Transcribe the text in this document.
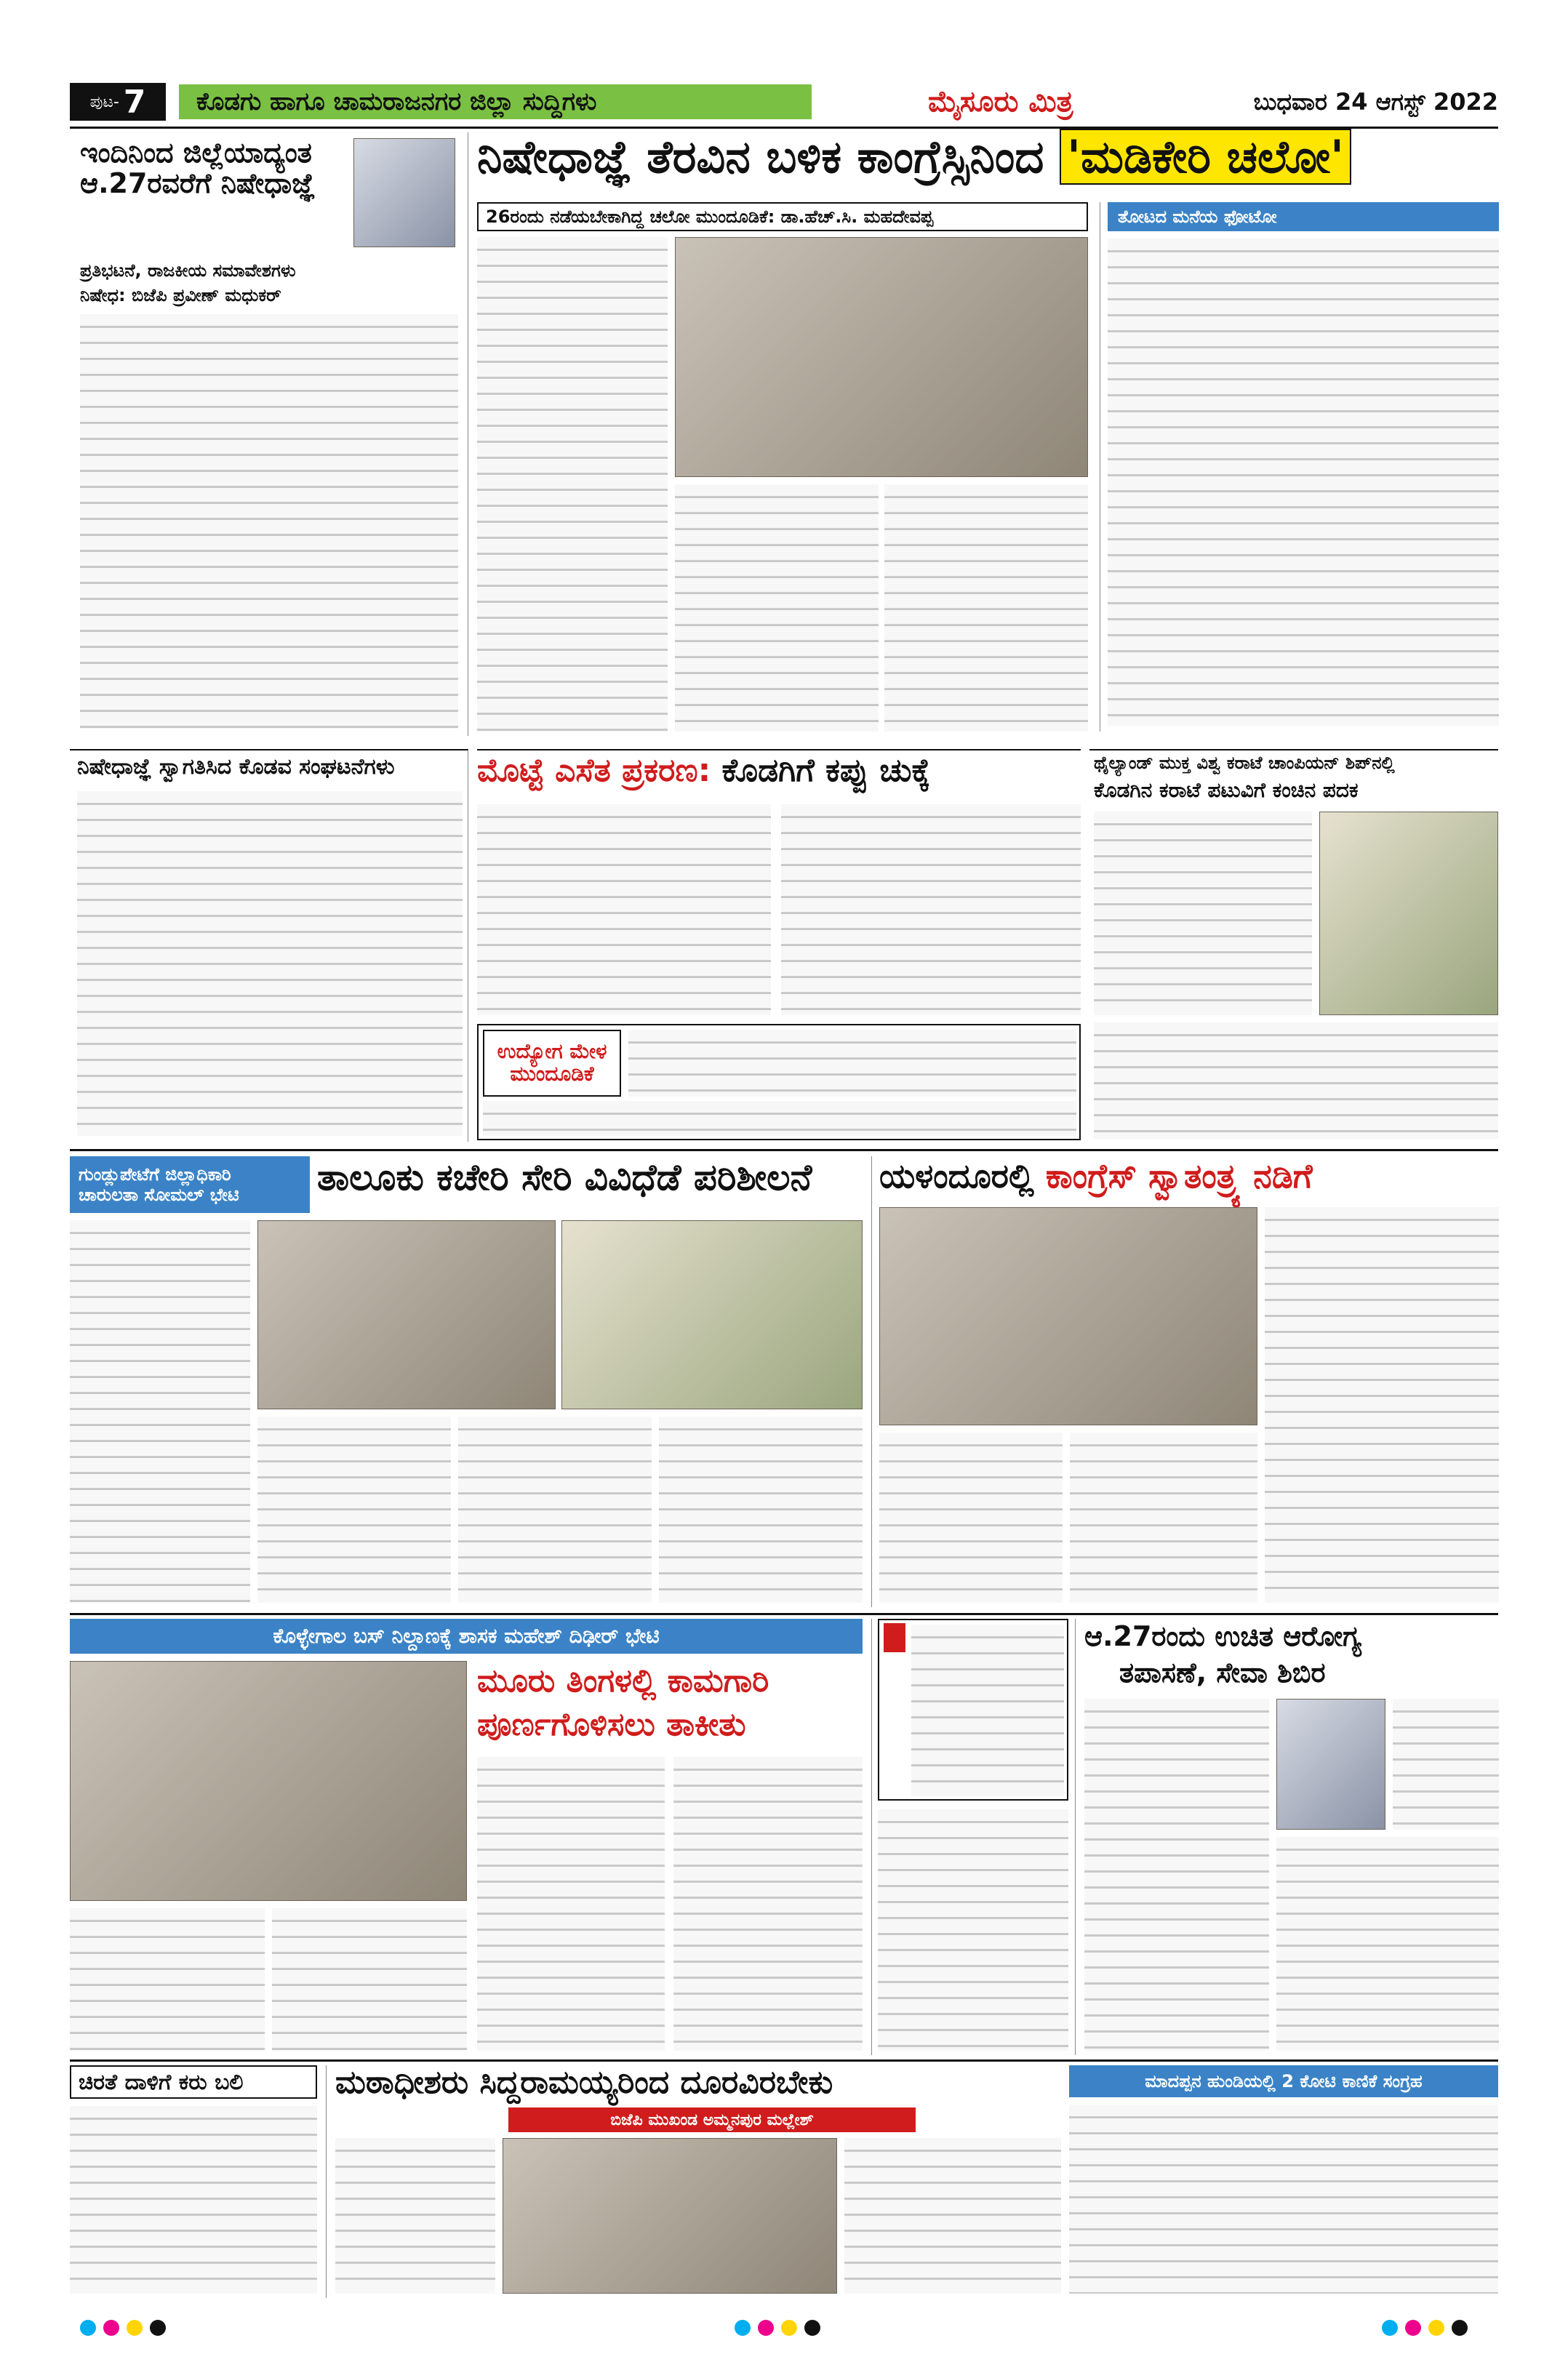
ಪುಟ- 7	ಕೊಡಗು ಹಾಗೂ ಚಾಮರಾಜನಗರ ಜಿಲ್ಲಾ ಸುದ್ದಿಗಳು	ಮೈಸೂರು ಮಿತ್ರ	ಬುಧವಾರ 24 ಆಗಸ್ಟ್ 2022
ಇಂದಿನಿಂದ ಜಿಲ್ಲೆಯಾದ್ಯಂತ ಆ.27ರವರೆಗೆ ನಿಷೇಧಾಜ್ಞೆ
ಪ್ರತಿಭಟನೆ, ರಾಜಕೀಯ ಸಮಾವೇಶಗಳು
ನಿಷೇಧ: ಬಿಜೆಪಿ ಪ್ರವೀಣ್ ಮಧುಕರ್
ನಿಷೇಧಾಜ್ಞೆ ತೆರವಿನ ಬಳಿಕ ಕಾಂಗ್ರೆಸ್ಸಿನಿಂದ 'ಮಡಿಕೇರಿ ಚಲೋ'
26ರಂದು ನಡೆಯಬೇಕಾಗಿದ್ದ ಚಲೋ ಮುಂದೂಡಿಕೆ: ಡಾ.ಹೆಚ್.ಸಿ. ಮಹದೇವಪ್ಪ	ತೋಟದ ಮನೆಯ ಫೋಟೋ
ನಿಷೇಧಾಜ್ಞೆ ಸ್ವಾಗತಿಸಿದ ಕೊಡವ ಸಂಘಟನೆಗಳು	ಮೊಟ್ಟೆ ಎಸೆತ ಪ್ರಕರಣ: ಕೊಡಗಿಗೆ ಕಪ್ಪು ಚುಕ್ಕೆ
ಉದ್ಯೋಗ ಮೇಳ
ಮುಂದೂಡಿಕೆ
ಥೈಲ್ಯಾಂಡ್ ಮುಕ್ತ ವಿಶ್ವ ಕರಾಟೆ ಚಾಂಪಿಯನ್ ಶಿಪ್‌ನಲ್ಲಿ
ಕೊಡಗಿನ ಕರಾಟೆ ಪಟುವಿಗೆ ಕಂಚಿನ ಪದಕ
ಗುಂಡ್ಲುಪೇಟೆಗೆ ಜಿಲ್ಲಾಧಿಕಾರಿ
ಚಾರುಲತಾ ಸೋಮಲ್ ಭೇಟಿ	ತಾಲೂಕು ಕಚೇರಿ ಸೇರಿ ವಿವಿಧೆಡೆ ಪರಿಶೀಲನೆ	ಯಳಂದೂರಲ್ಲಿ ಕಾಂಗ್ರೆಸ್ ಸ್ವಾತಂತ್ರ್ಯ ನಡಿಗೆ
ಕೊಳ್ಳೇಗಾಲ ಬಸ್ ನಿಲ್ದಾಣಕ್ಕೆ ಶಾಸಕ ಮಹೇಶ್ ದಿಢೀರ್ ಭೇಟಿ
ಮೂರು ತಿಂಗಳಲ್ಲಿ ಕಾಮಗಾರಿ
ಪೂರ್ಣಗೊಳಿಸಲು ತಾಕೀತು
ಆ.27ರಂದು ಉಚಿತ ಆರೋಗ್ಯ
ತಪಾಸಣೆ, ಸೇವಾ ಶಿಬಿರ
ಚಿರತೆ ದಾಳಿಗೆ ಕರು ಬಲಿ	ಮಠಾಧೀಶರು ಸಿದ್ದರಾಮಯ್ಯರಿಂದ ದೂರವಿರಬೇಕು
ಬಿಜೆಪಿ ಮುಖಂಡ ಅಮ್ಮನಪುರ ಮಲ್ಲೇಶ್
ಮಾದಪ್ಪನ ಹುಂಡಿಯಲ್ಲಿ 2 ಕೋಟಿ ಕಾಣಿಕೆ ಸಂಗ್ರಹ
